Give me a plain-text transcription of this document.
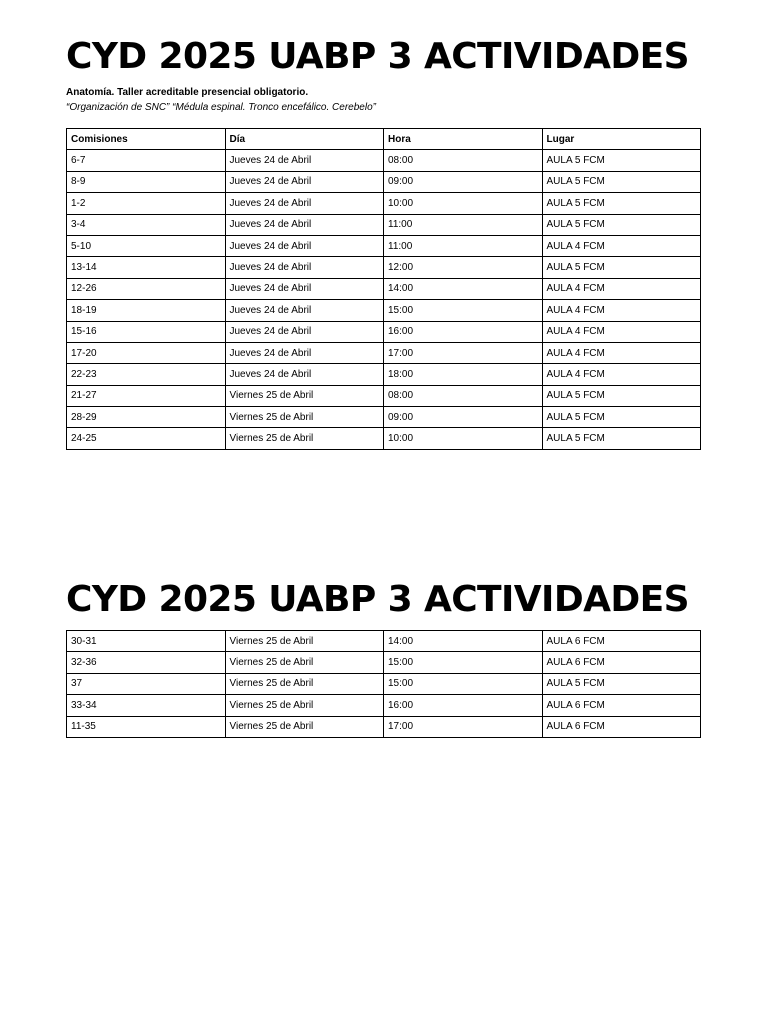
CYD 2025 UABP 3 ACTIVIDADES
Anatomía. Taller acreditable presencial obligatorio.
“Organización de SNC” “Médula espinal. Tronco encefálico. Cerebelo”
Comisiones	Día	Hora	Lugar
6-7	Jueves 24 de Abril	08:00	AULA 5 FCM
8-9	Jueves 24 de Abril	09:00	AULA 5 FCM
1-2	Jueves 24 de Abril	10:00	AULA 5 FCM
3-4	Jueves 24 de Abril	11:00	AULA 5 FCM
5-10	Jueves 24 de Abril	11:00	AULA 4 FCM
13-14	Jueves 24 de Abril	12:00	AULA 5 FCM
12-26	Jueves 24 de Abril	14:00	AULA 4 FCM
18-19	Jueves 24 de Abril	15:00	AULA 4 FCM
15-16	Jueves 24 de Abril	16:00	AULA 4 FCM
17-20	Jueves 24 de Abril	17:00	AULA 4 FCM
22-23	Jueves 24 de Abril	18:00	AULA 4 FCM
21-27	Viernes 25 de Abril	08:00	AULA 5 FCM
28-29	Viernes 25 de Abril	09:00	AULA 5 FCM
24-25	Viernes 25 de Abril	10:00	AULA 5 FCM
CYD 2025 UABP 3 ACTIVIDADES
30-31	Viernes 25 de Abril	14:00	AULA 6 FCM
32-36	Viernes 25 de Abril	15:00	AULA 6 FCM
37	Viernes 25 de Abril	15:00	AULA 5 FCM
33-34	Viernes 25 de Abril	16:00	AULA 6 FCM
11-35	Viernes 25 de Abril	17:00	AULA 6 FCM
